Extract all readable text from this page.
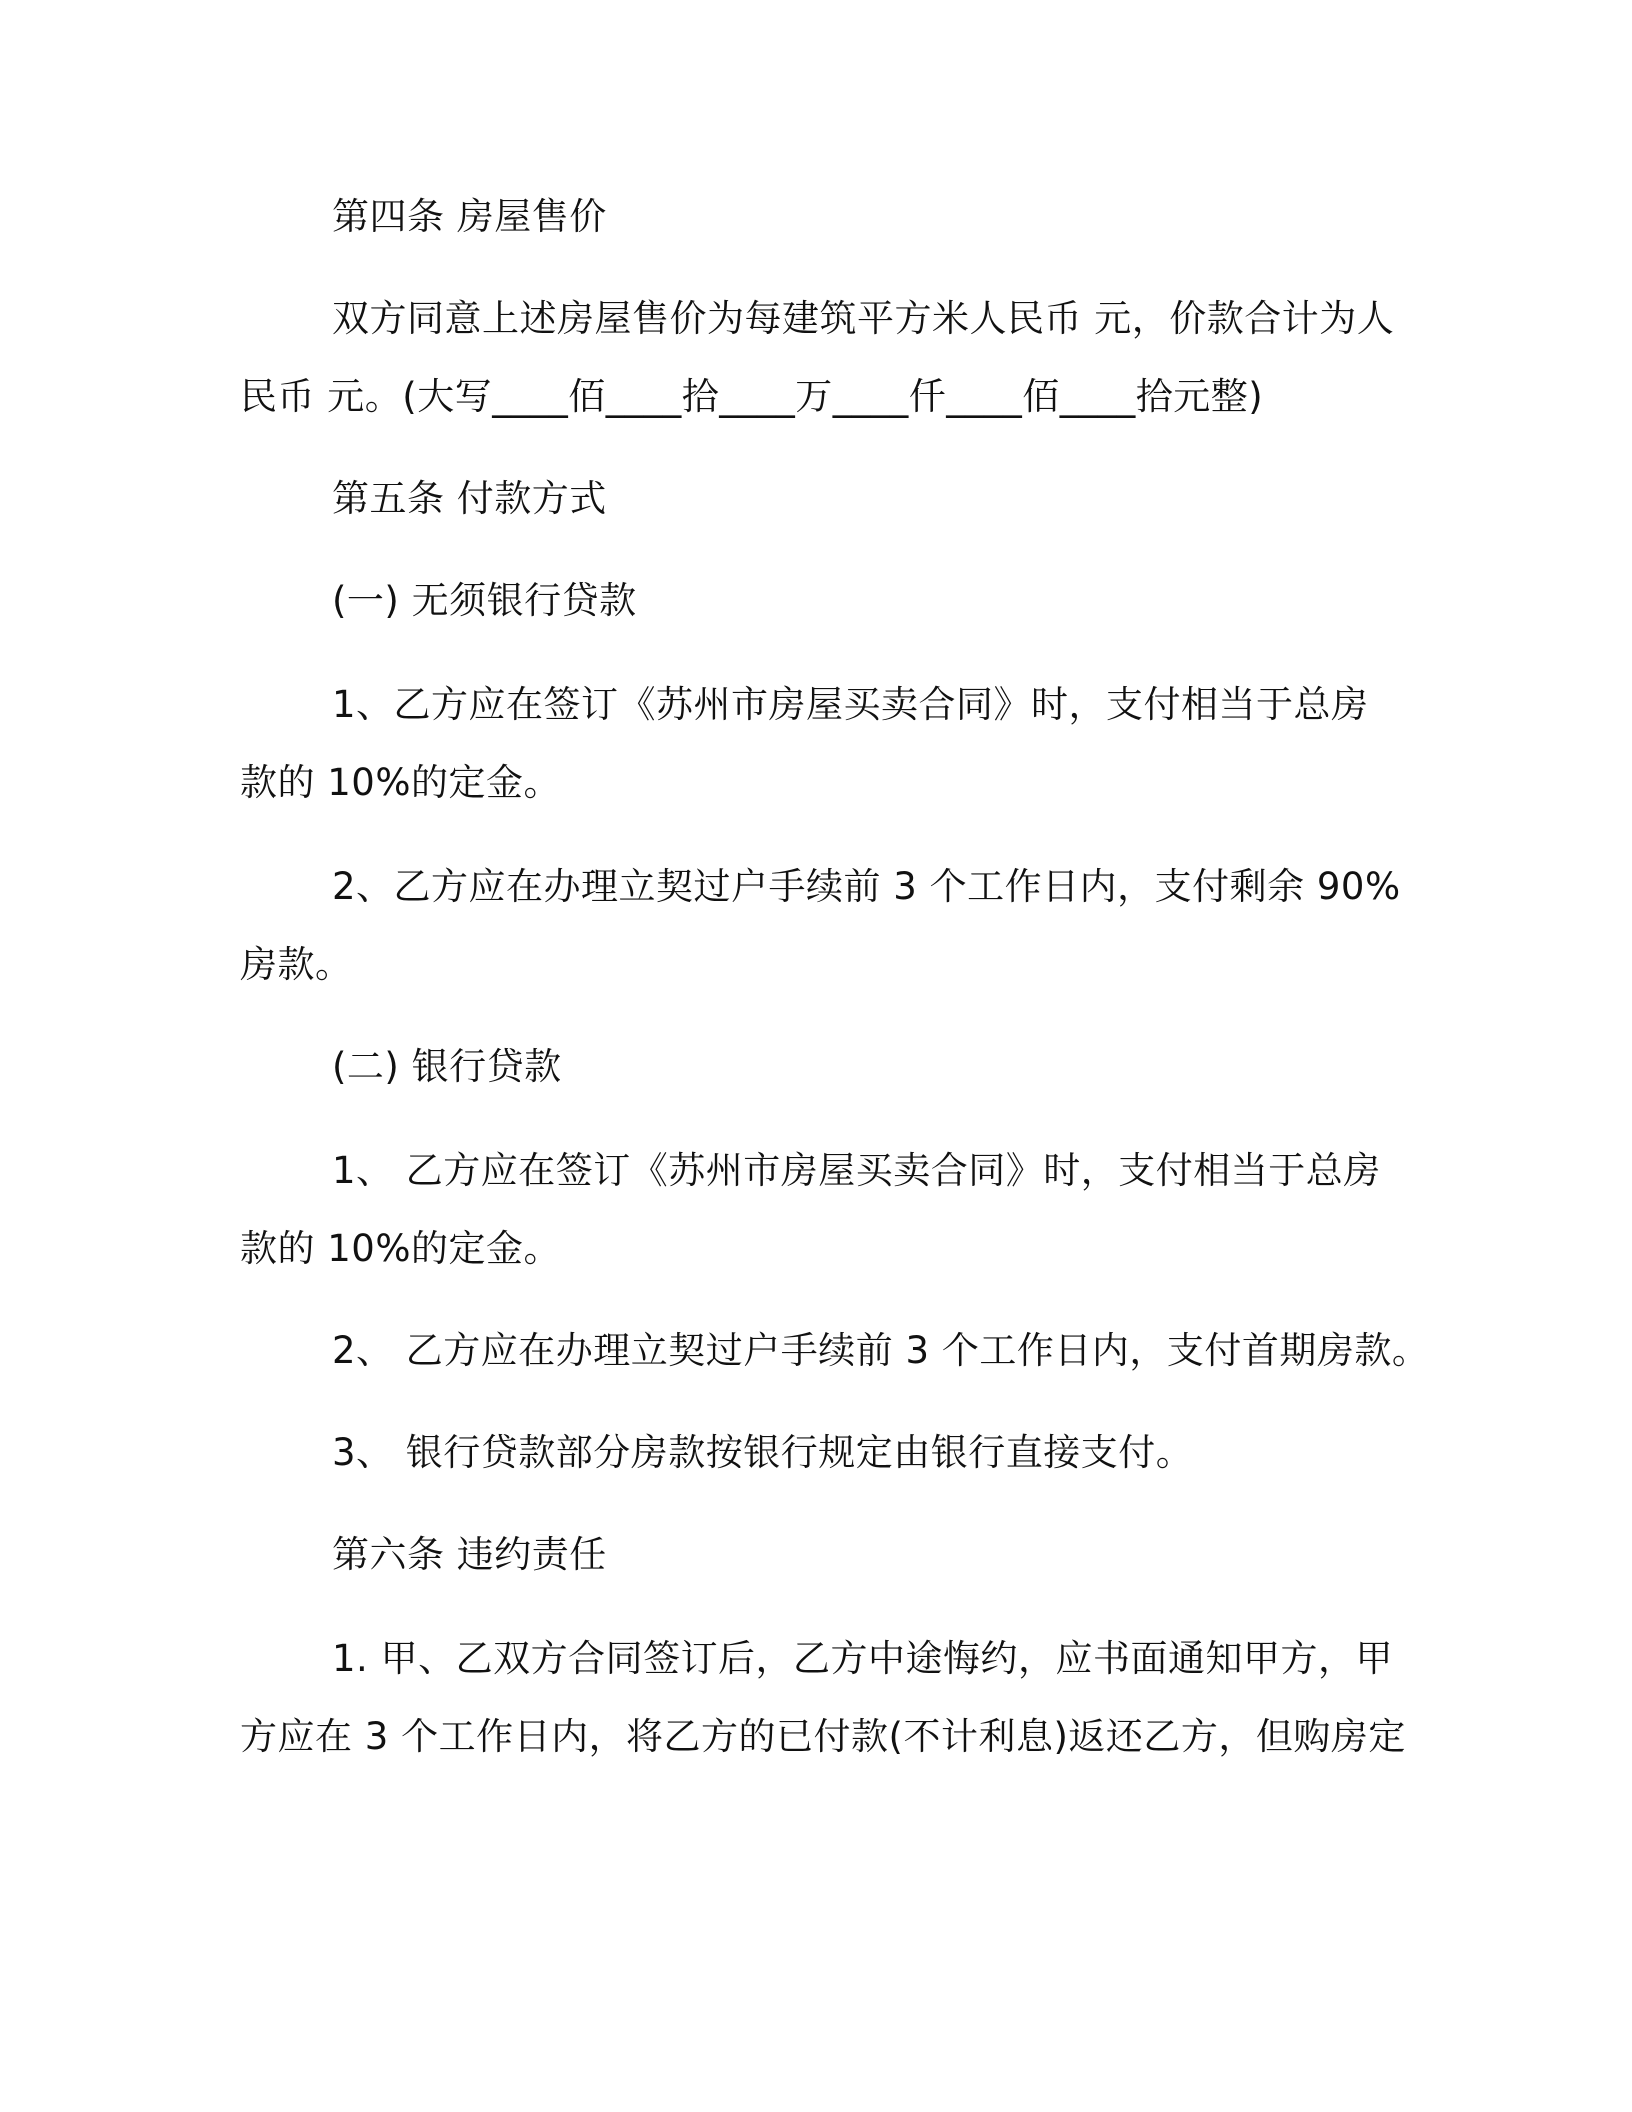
第四条 房屋售价

双方同意上述房屋售价为每建筑平方米人民币 元，价款合计为人

民币 元。(大写____佰____拾____万____仟____佰____拾元整)

第五条 付款方式

(一) 无须银行贷款

1、乙方应在签订《苏州市房屋买卖合同》时，支付相当于总房

款的 10%的定金。

2、乙方应在办理立契过户手续前 3 个工作日内，支付剩余 90%

房款。

(二) 银行贷款

1、 乙方应在签订《苏州市房屋买卖合同》时，支付相当于总房

款的 10%的定金。

2、 乙方应在办理立契过户手续前 3 个工作日内，支付首期房款。

3、 银行贷款部分房款按银行规定由银行直接支付。

第六条 违约责任

1. 甲、乙双方合同签订后，乙方中途悔约，应书面通知甲方，甲

方应在 3 个工作日内，将乙方的已付款(不计利息)返还乙方，但购房定
